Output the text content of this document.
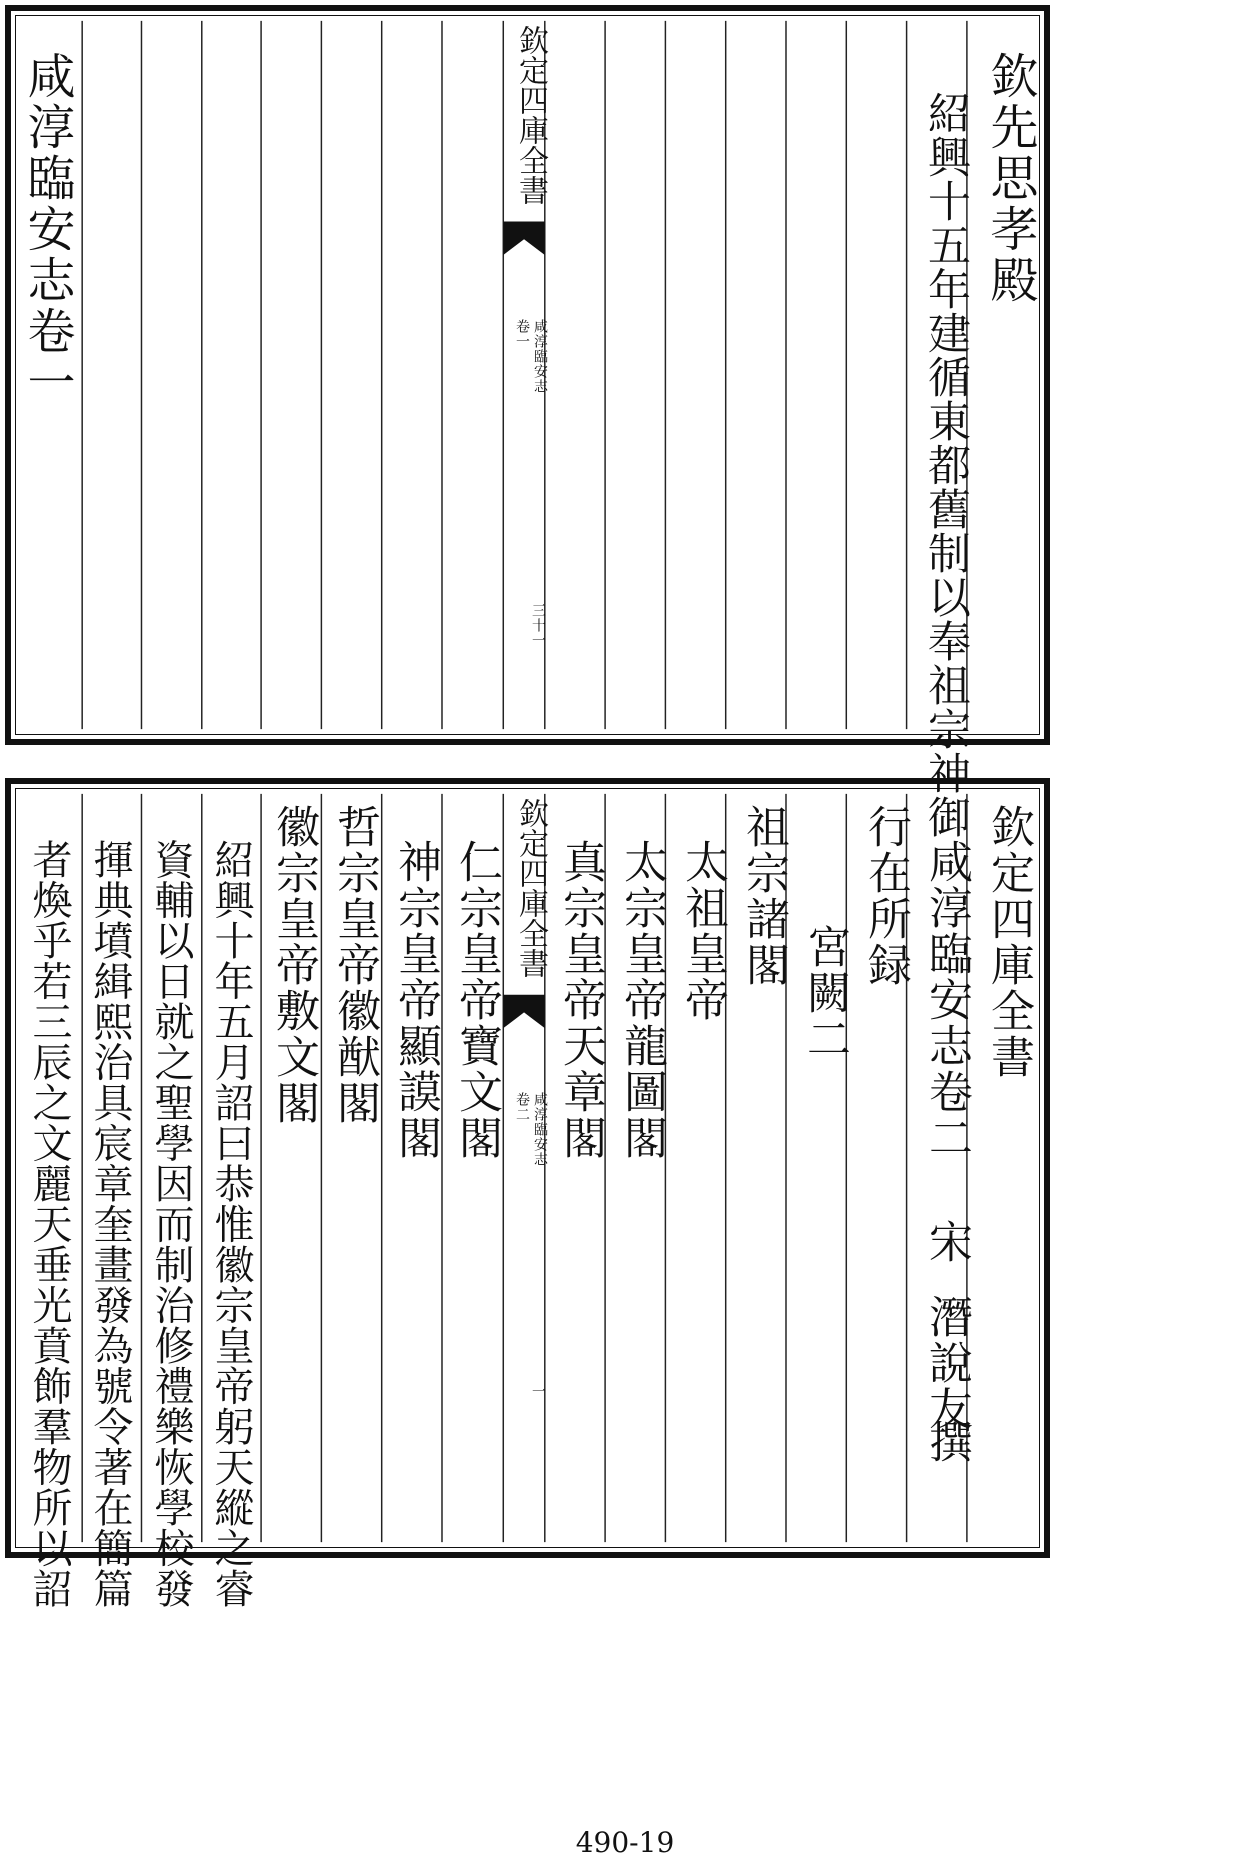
欽先思孝殿
紹興十五年建循東都舊制以奉祖宗神御
欽定四庫全書
咸淳臨安志
卷一
三十一
咸淳臨安志卷一
欽定四庫全書
咸淳臨安志卷二
宋
潛說友
撰
行在所録
宮闕二
祖宗諸閣
太祖皇帝
太宗皇帝龍圖閣
真宗皇帝天章閣
欽定四庫全書
咸淳臨安志
卷二
一
仁宗皇帝寶文閣
神宗皇帝顯謨閣
哲宗皇帝徽猷閣
徽宗皇帝敷文閣
紹興十年五月詔曰恭惟徽宗皇帝躬天縱之睿
資輔以日就之聖學因而制治修禮樂恢學校發
揮典墳緝熙治具宸章奎畫發為號令著在簡篇
者煥乎若三辰之文麗天垂光賁飾羣物所以詔
490-19
